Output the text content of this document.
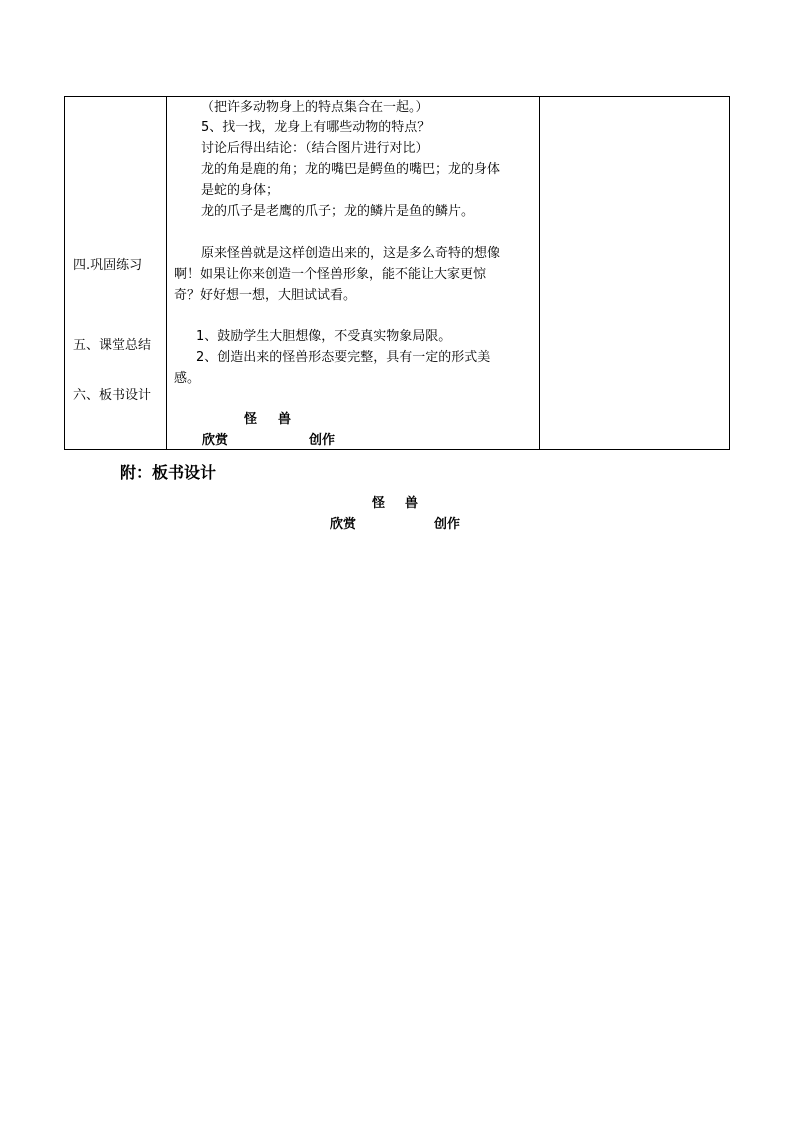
四.巩固练习
五、课堂总结
六、板书设计
（把许多动物身上的特点集合在一起。）
5、找一找，龙身上有哪些动物的特点？
讨论后得出结论：（结合图片进行对比）
龙的角是鹿的角；龙的嘴巴是鳄鱼的嘴巴；龙的身体
是蛇的身体；
龙的爪子是老鹰的爪子；龙的鳞片是鱼的鳞片。
原来怪兽就是这样创造出来的，这是多么奇特的想像
啊！如果让你来创造一个怪兽形象，能不能让大家更惊
奇？好好想一想，大胆试试看。
1、鼓励学生大胆想像，不受真实物象局限。
2、创造出来的怪兽形态要完整，具有一定的形式美
感。
怪 兽
欣赏	创作
附：板书设计
怪 兽
欣赏	创作
